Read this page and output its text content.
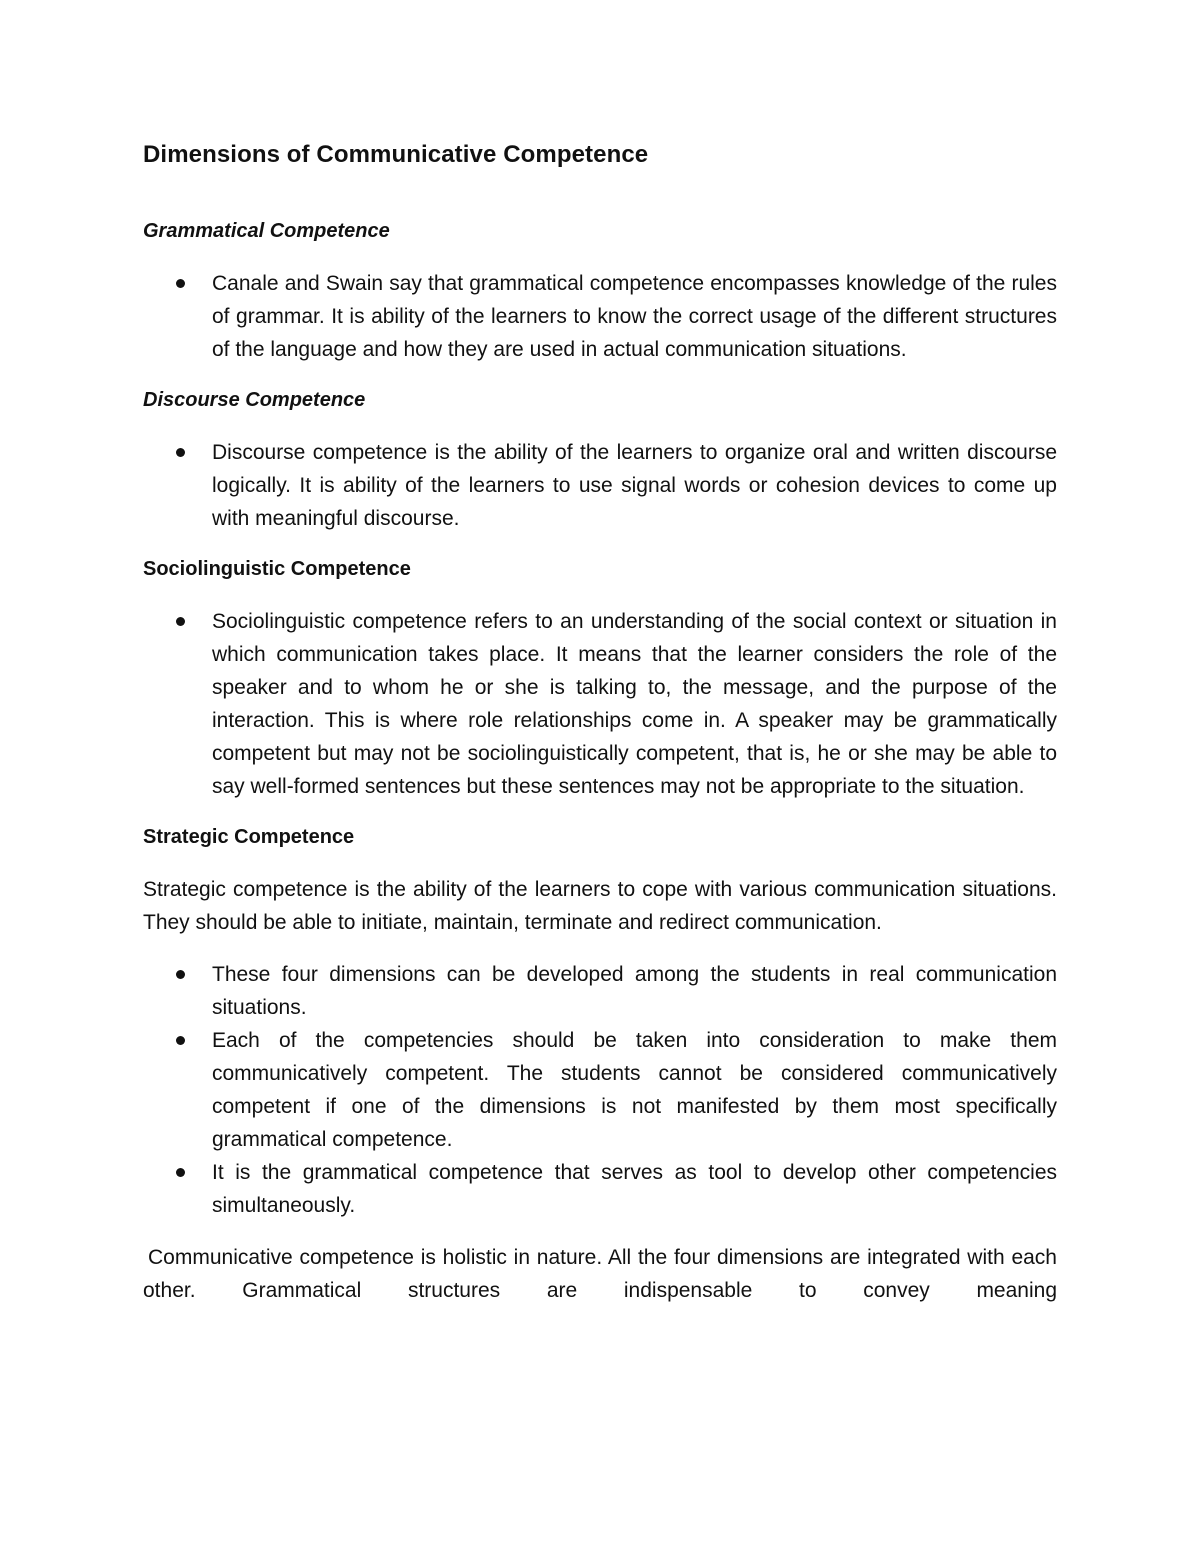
Dimensions of Communicative Competence
Grammatical Competence
Canale and Swain say that grammatical competence encompasses knowledge of the rules of grammar. It is ability of the learners to know the correct usage of the different structures of the language and how they are used in actual communication situations.
Discourse Competence
Discourse competence is the ability of the learners to organize oral and written discourse logically. It is ability of the learners to use signal words or cohesion devices to come up with meaningful discourse.
Sociolinguistic Competence
Sociolinguistic competence refers to an understanding of the social context or situation in which communication takes place. It means that the learner considers the role of the speaker and to whom he or she is talking to, the message, and the purpose of the interaction. This is where role relationships come in. A speaker may be grammatically competent but may not be sociolinguistically competent, that is, he or she may be able to say well-formed sentences but these sentences may not be appropriate to the situation.
Strategic Competence

Strategic competence is the ability of the learners to cope with various communication situations. They should be able to initiate, maintain, terminate and redirect communication.

These four dimensions can be developed among the students in real communication situations.
Each of the competencies should be taken into consideration to make them communicatively competent. The students cannot be considered communicatively competent if one of the dimensions is not manifested by them most specifically grammatical competence.
It is the grammatical competence that serves as tool to develop other competencies simultaneously.

Communicative competence is holistic in nature. All the four dimensions are integrated with each other. Grammatical structures are indispensable to convey meaning
